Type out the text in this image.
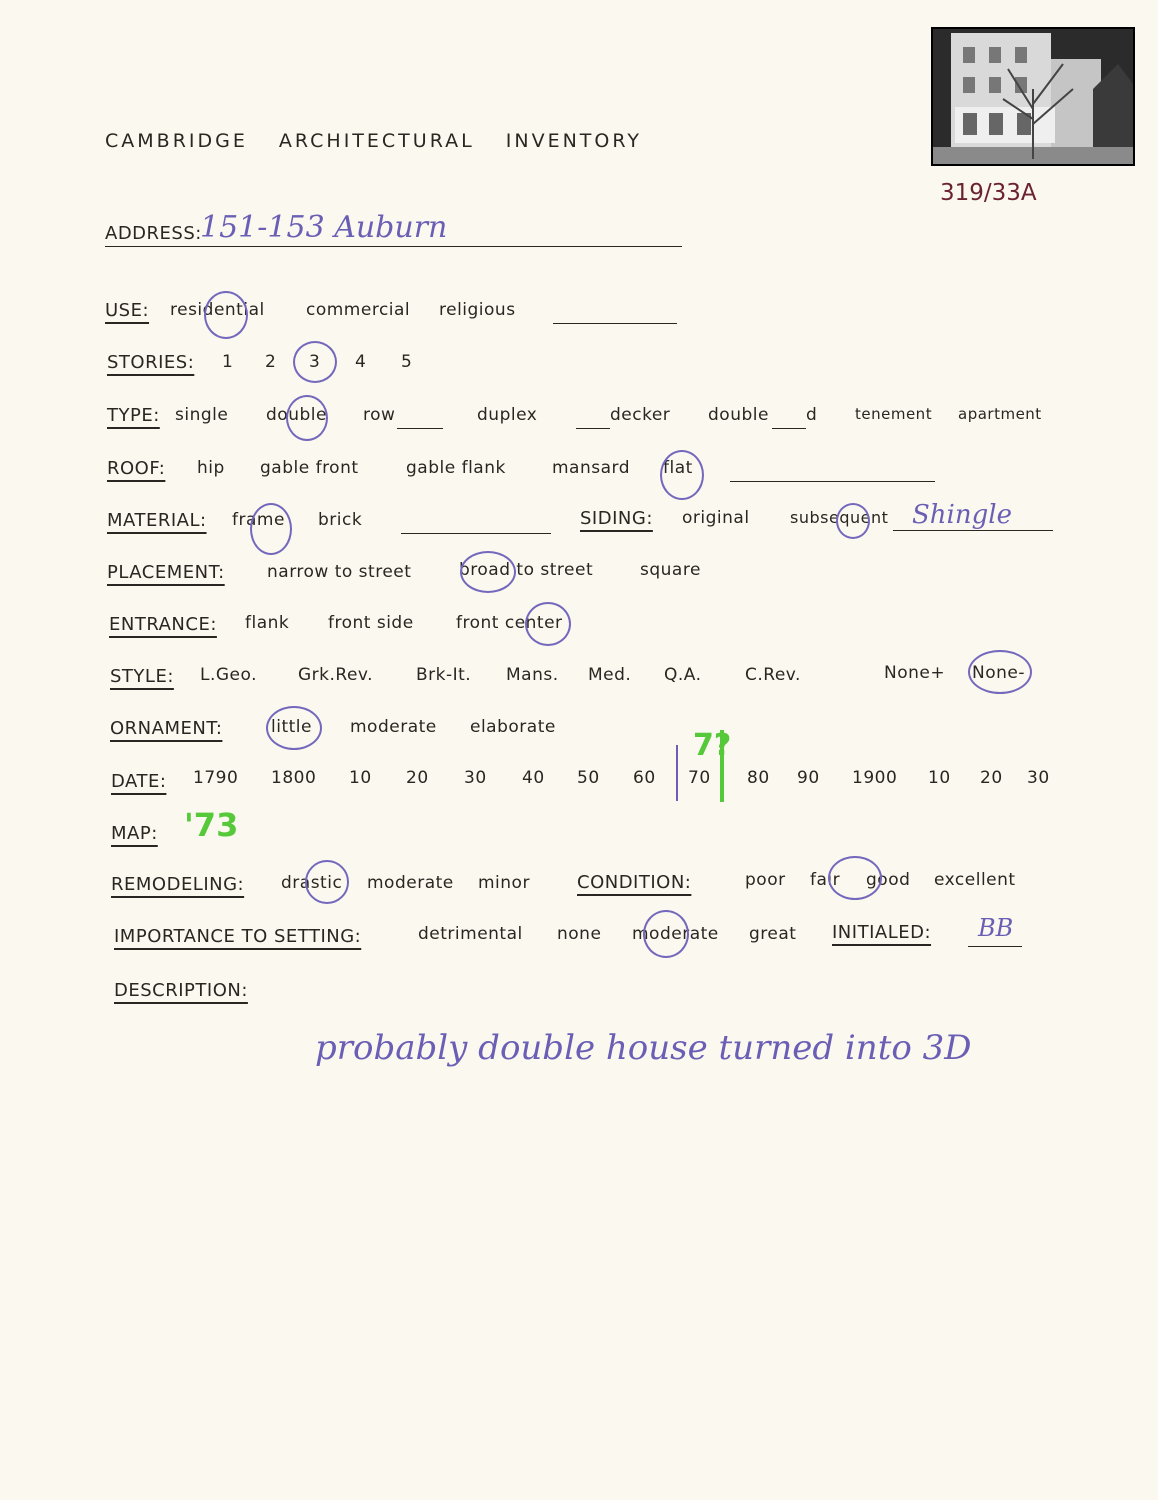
319/33A
CAMBRIDGE ARCHITECTURAL INVENTORY
ADDRESS:
151-153 Auburn
USE: residential commercial religious
STORIES: 1 2 3 4 5
TYPE: single double row	duplex	decker double d	tenement apartment
ROOF: hip gable front	gable flank	mansard flat
MATERIAL: frame brick	SIDING: original	subsequent Shingle
PLACEMENT: narrow to street	broad to street	square
ENTRANCE: flank front side front center
STYLE: L.Geo. Grk.Rev.	Brk-It. Mans. Med. Q.A.	C.Rev.	None+ None-
ORNAMENT:	little moderate elaborate
DATE: 1790 1800 10 20 30 40 50 60 70 80 90 1900 10 20 30
7?
MAP: '73
REMODELING: drastic moderate minor	CONDITION:	poor fair good excellent
IMPORTANCE TO SETTING:	detrimental none moderate great INITIALED: BB
DESCRIPTION:
probably double house turned into 3D
